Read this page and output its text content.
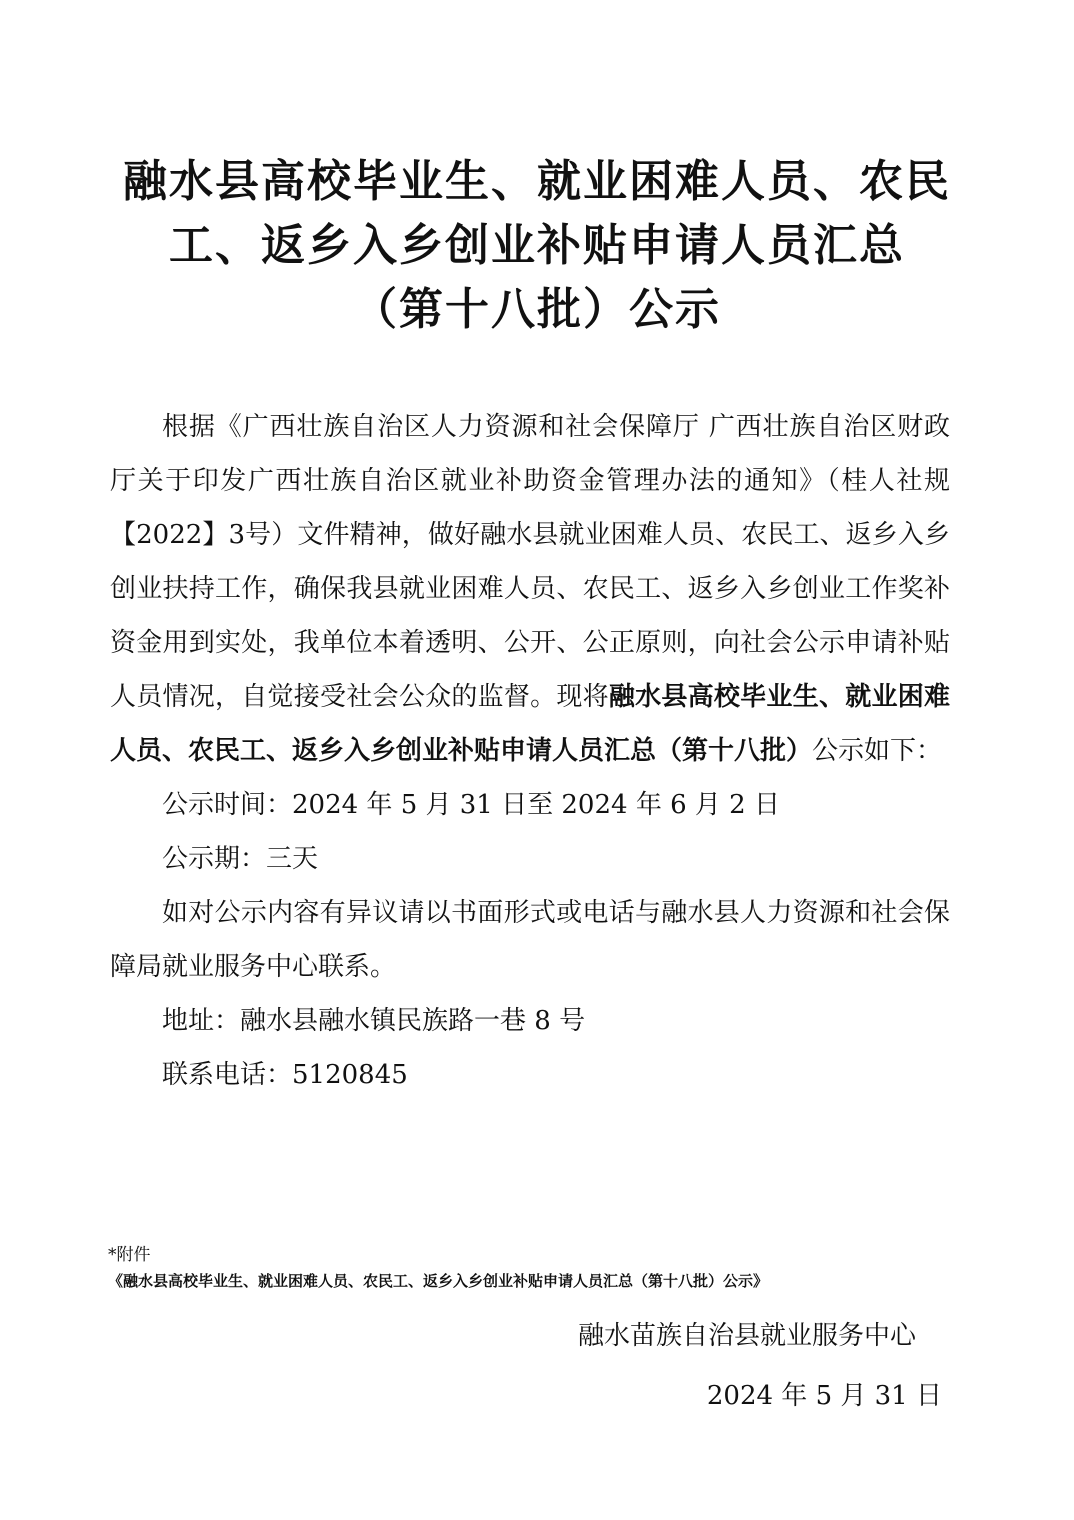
融水县高校毕业生、就业困难人员、农民
工、返乡入乡创业补贴申请人员汇总
（第十八批）公示

根据《广西壮族自治区人力资源和社会保障厅 广西壮族自治区财政厅关于印发广西壮族自治区就业补助资金管理办法的通知》（桂人社规【2022】3号）文件精神，做好融水县就业困难人员、农民工、返乡入乡创业扶持工作，确保我县就业困难人员、农民工、返乡入乡创业工作奖补资金用到实处，我单位本着透明、公开、公正原则，向社会公示申请补贴人员情况，自觉接受社会公众的监督。现将融水县高校毕业生、就业困难人员、农民工、返乡入乡创业补贴申请人员汇总（第十八批）公示如下：

公示时间：2024 年 5 月 31 日至 2024 年 6 月 2 日

公示期：三天

如对公示内容有异议请以书面形式或电话与融水县人力资源和社会保障局就业服务中心联系。

地址：融水县融水镇民族路一巷 8 号

联系电话：5120845

*附件
《融水县高校毕业生、就业困难人员、农民工、返乡入乡创业补贴申请人员汇总（第十八批）公示》
融水苗族自治县就业服务中心
2024 年 5 月 31 日
